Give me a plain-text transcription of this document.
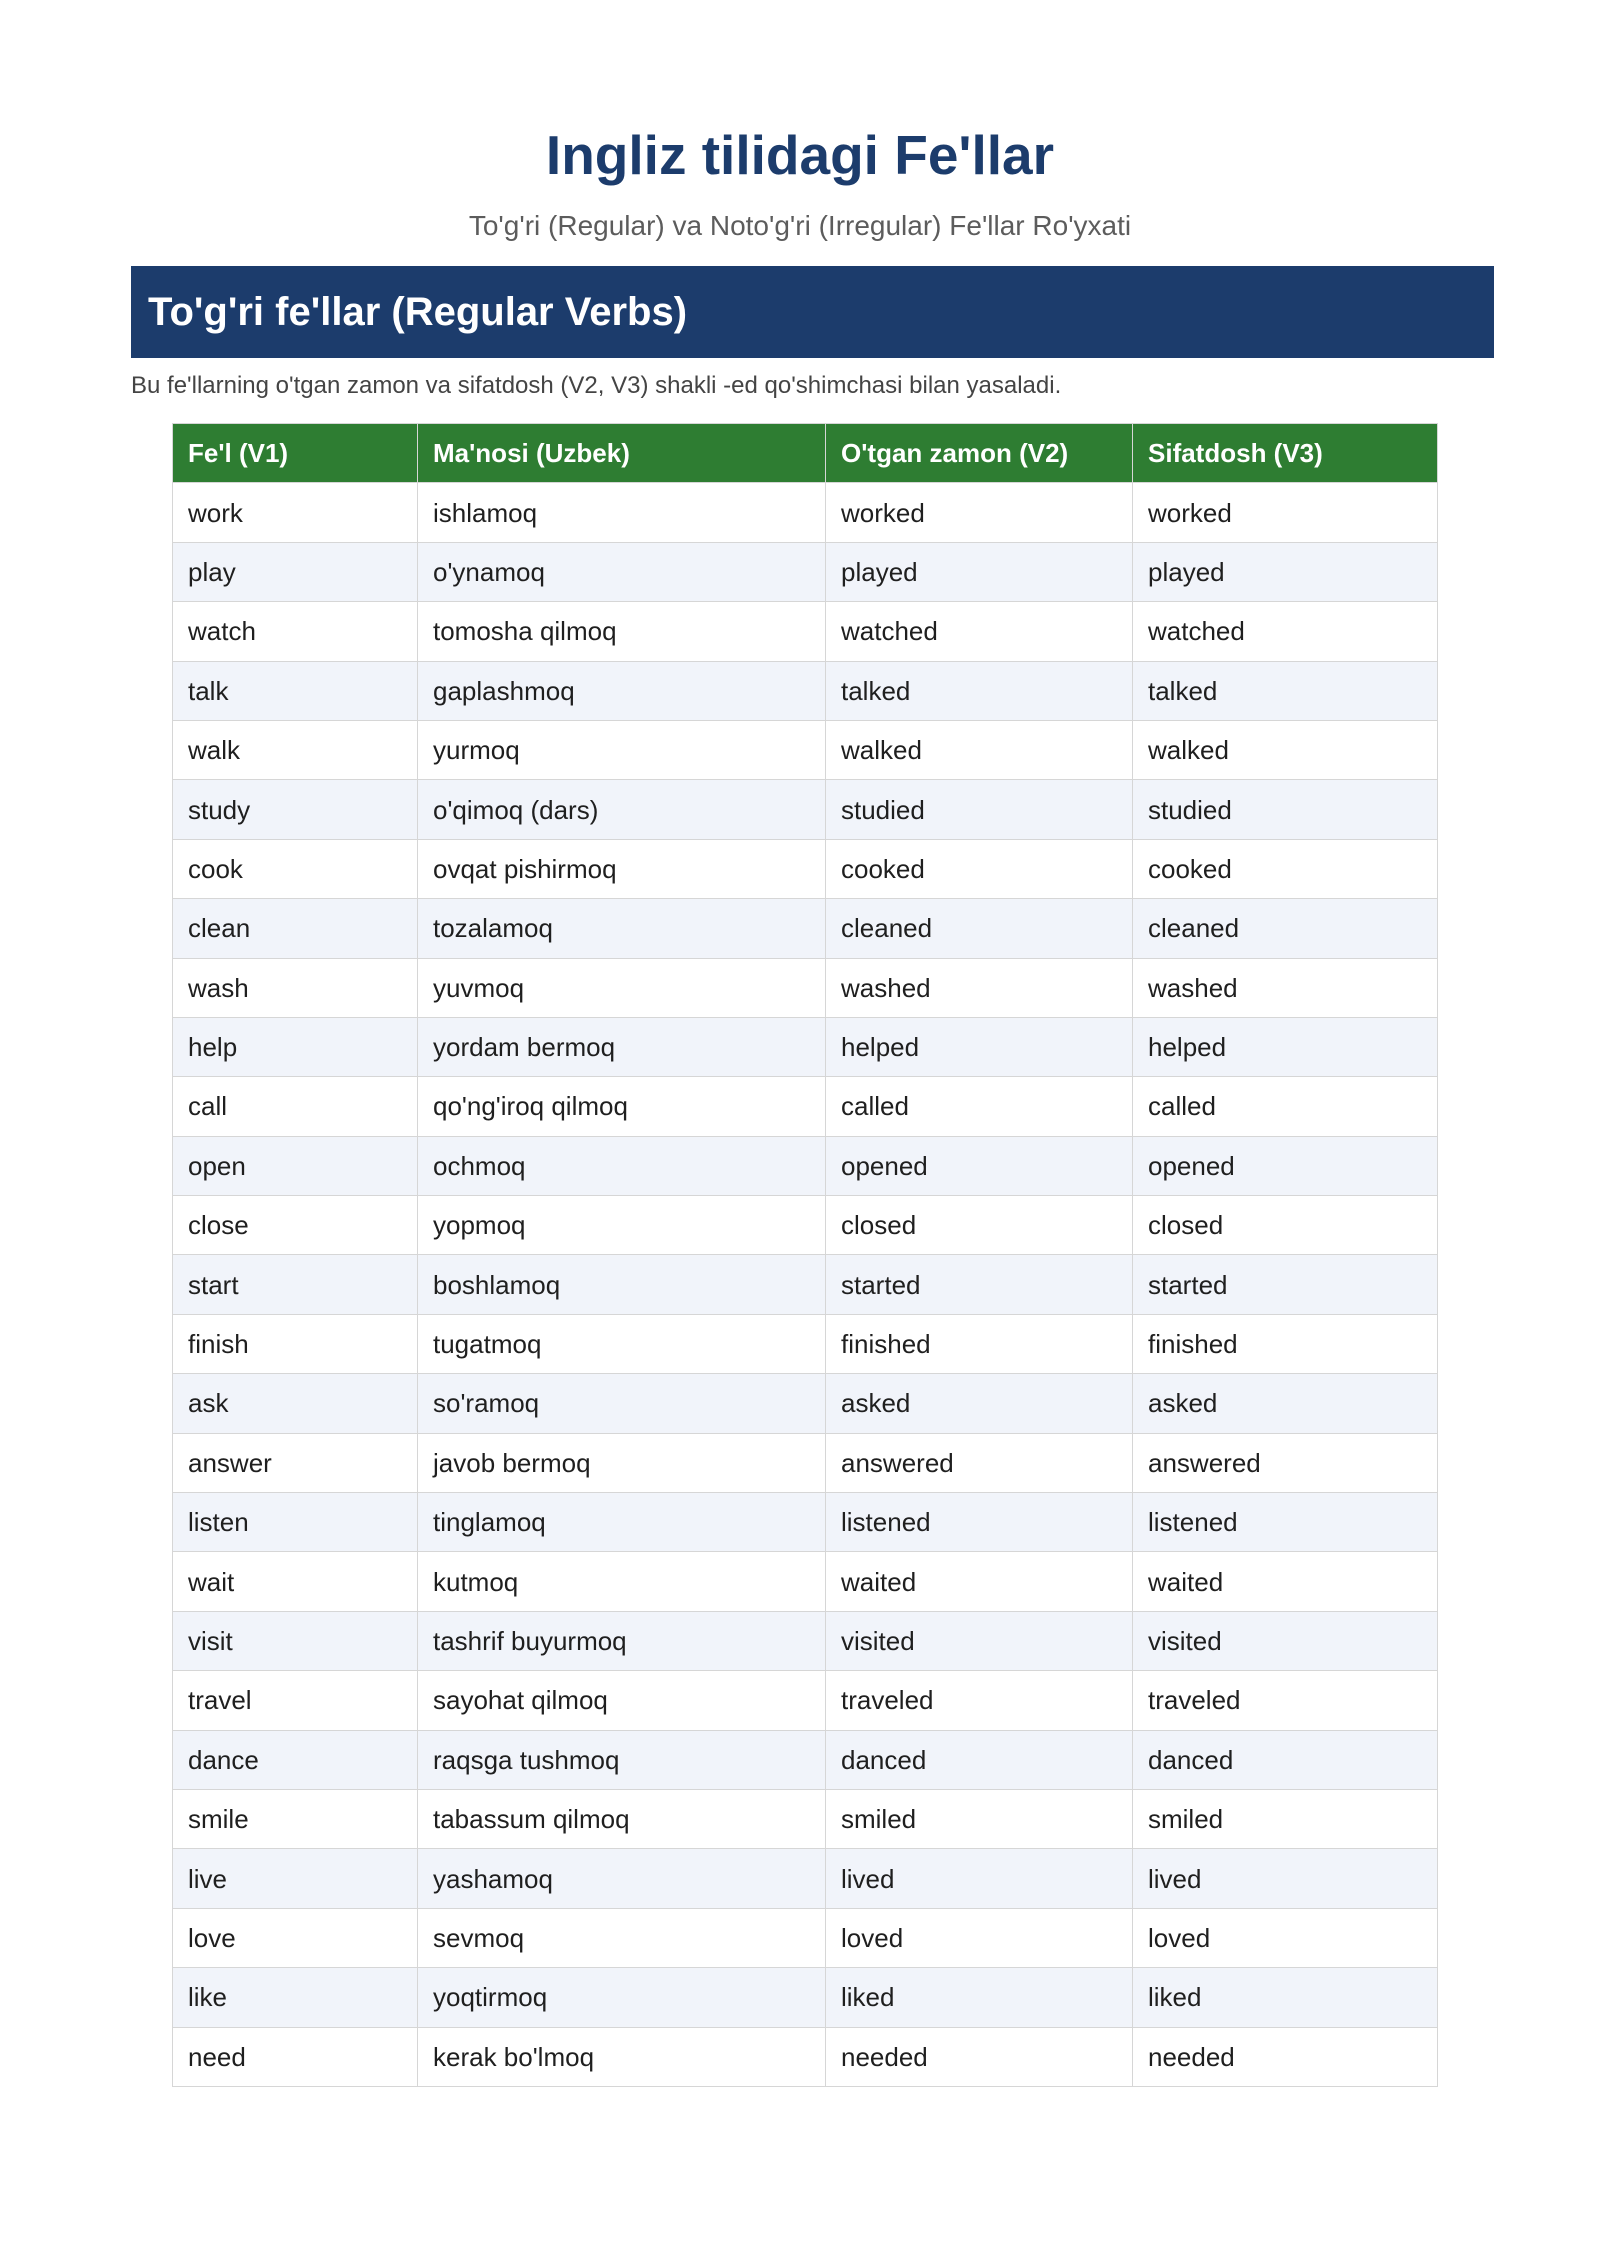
Ingliz tilidagi Fe'llar
To'g'ri (Regular) va Noto'g'ri (Irregular) Fe'llar Ro'yxati
To'g'ri fe'llar (Regular Verbs)
Bu fe'llarning o'tgan zamon va sifatdosh (V2, V3) shakli -ed qo'shimchasi bilan yasaladi.
Fe'l (V1)	Ma'nosi (Uzbek)	O'tgan zamon (V2)	Sifatdosh (V3)
work	ishlamoq	worked	worked
play	o'ynamoq	played	played
watch	tomosha qilmoq	watched	watched
talk	gaplashmoq	talked	talked
walk	yurmoq	walked	walked
study	o'qimoq (dars)	studied	studied
cook	ovqat pishirmoq	cooked	cooked
clean	tozalamoq	cleaned	cleaned
wash	yuvmoq	washed	washed
help	yordam bermoq	helped	helped
call	qo'ng'iroq qilmoq	called	called
open	ochmoq	opened	opened
close	yopmoq	closed	closed
start	boshlamoq	started	started
finish	tugatmoq	finished	finished
ask	so'ramoq	asked	asked
answer	javob bermoq	answered	answered
listen	tinglamoq	listened	listened
wait	kutmoq	waited	waited
visit	tashrif buyurmoq	visited	visited
travel	sayohat qilmoq	traveled	traveled
dance	raqsga tushmoq	danced	danced
smile	tabassum qilmoq	smiled	smiled
live	yashamoq	lived	lived
love	sevmoq	loved	loved
like	yoqtirmoq	liked	liked
need	kerak bo'lmoq	needed	needed
